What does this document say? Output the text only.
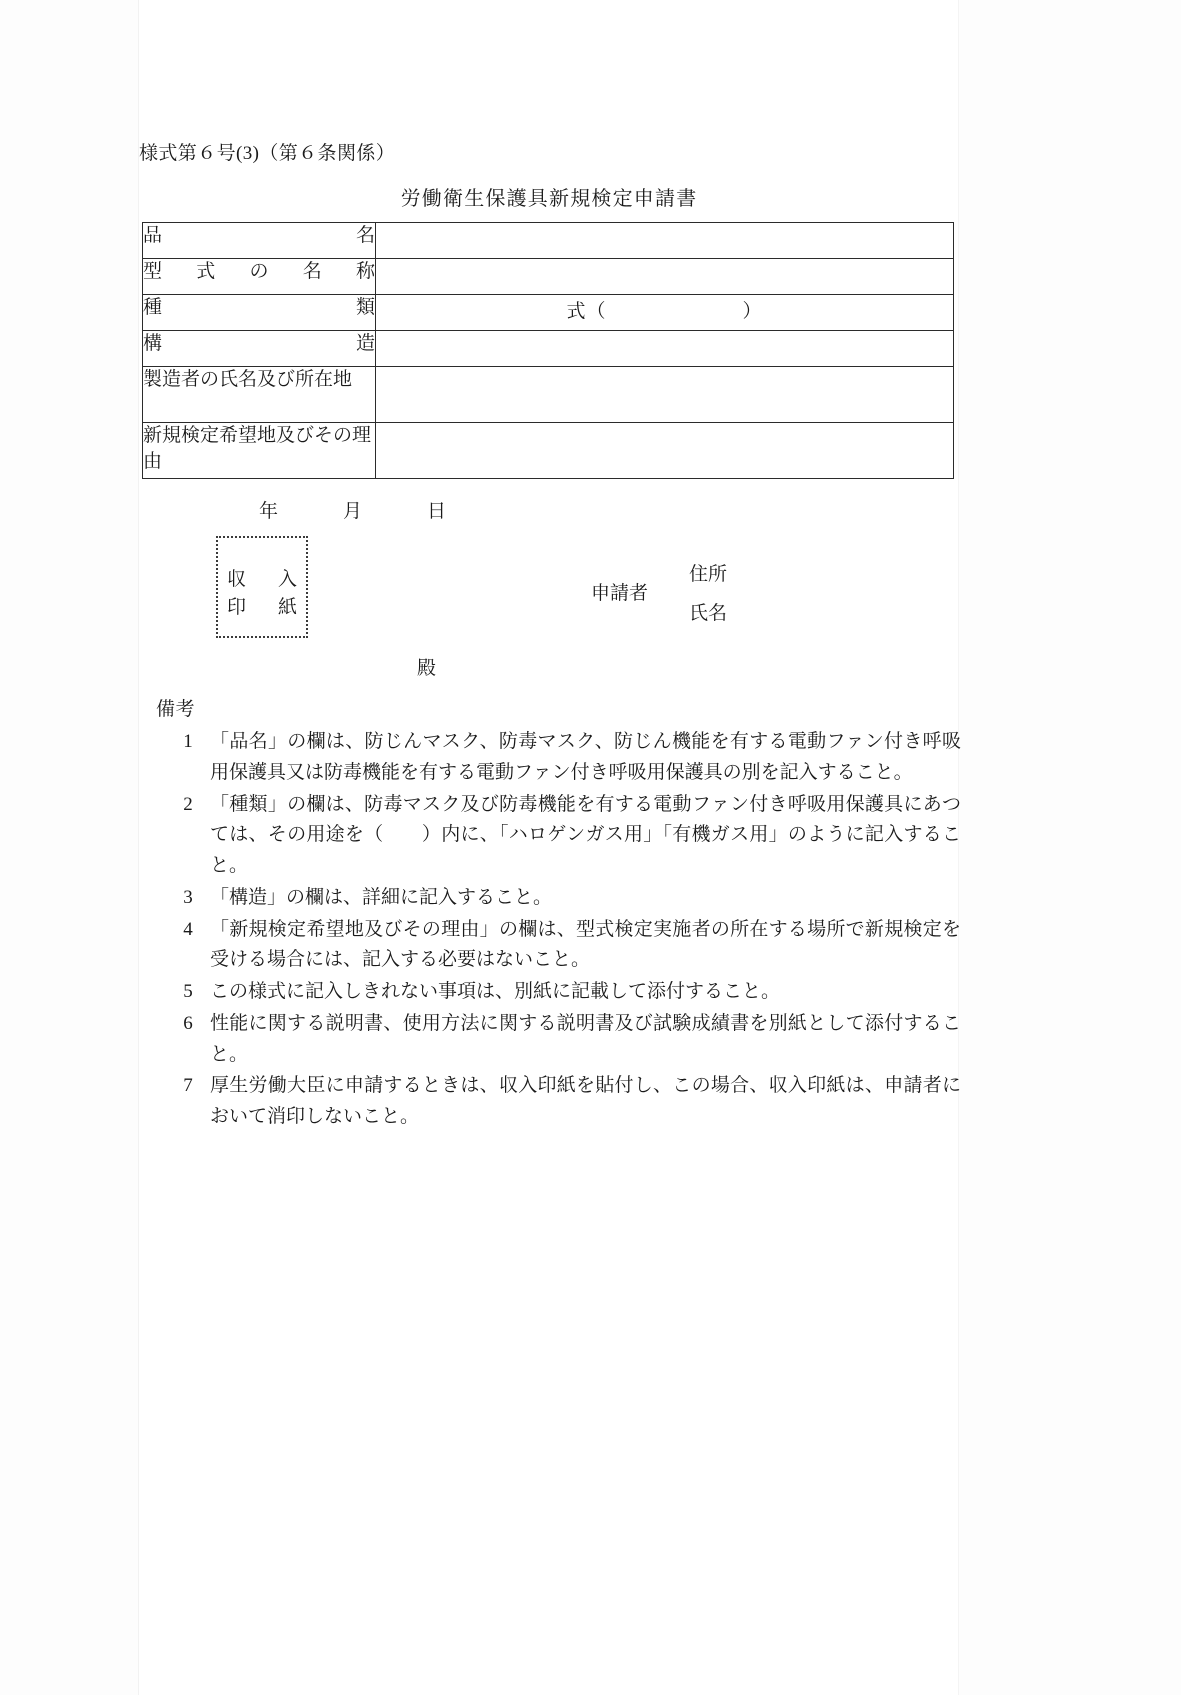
様式第６号(3)（第６条関係）
労働衛生保護具新規検定申請書
品　　　　名	

型　式　の　名　称	

種　　　　類	式（ ）

構　　　　造	

製造者の氏名及び所在地	

新規検定希望地及びその理由	

年	月	日
収　入
印　紙
申請者
住所
氏名
殿
備考
1 「品名」の欄は、防じんマスク、防毒マスク、防じん機能を有する電動ファン付き呼吸用保護具又は防毒機能を有する電動ファン付き呼吸用保護具の別を記入すること。
2 「種類」の欄は、防毒マスク及び防毒機能を有する電動ファン付き呼吸用保護具にあつては、その用途を（　　）内に、「ハロゲンガス用」「有機ガス用」のように記入すること。
3 「構造」の欄は、詳細に記入すること。
4 「新規検定希望地及びその理由」の欄は、型式検定実施者の所在する場所で新規検定を受ける場合には、記入する必要はないこと。
5 この様式に記入しきれない事項は、別紙に記載して添付すること。
6 性能に関する説明書、使用方法に関する説明書及び試験成績書を別紙として添付すること。
7 厚生労働大臣に申請するときは、収入印紙を貼付し、この場合、収入印紙は、申請者において消印しないこと。
